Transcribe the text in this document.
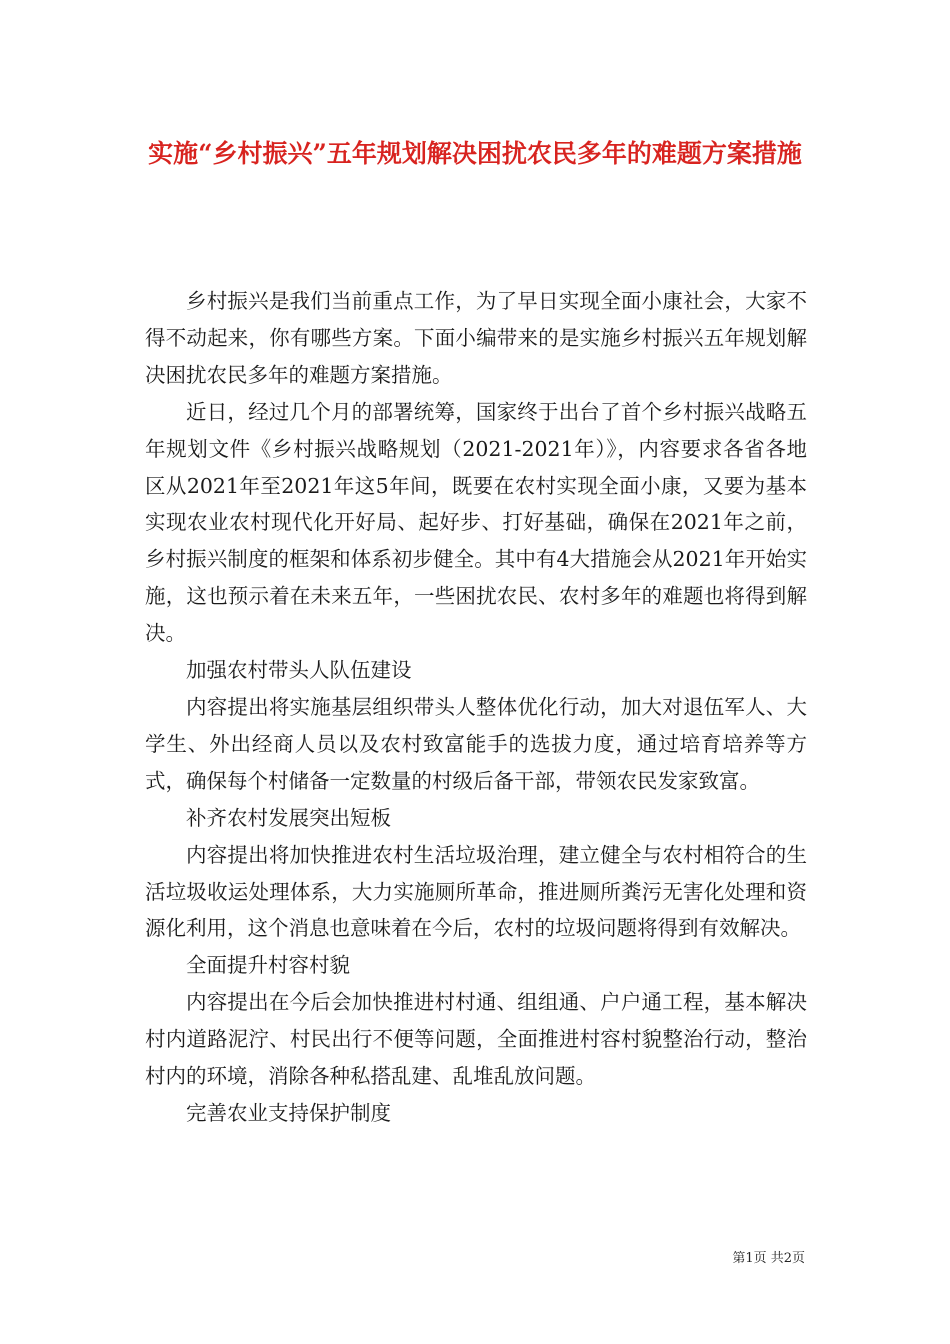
实施“乡村振兴”五年规划解决困扰农民多年的难题方案措施

乡村振兴是我们当前重点工作，为了早日实现全面小康社会，大家不得不动起来，你有哪些方案。下面小编带来的是实施乡村振兴五年规划解决困扰农民多年的难题方案措施。

近日，经过几个月的部署统筹，国家终于出台了首个乡村振兴战略五年规划文件《乡村振兴战略规划（2021-2021年）》，内容要求各省各地区从2021年至2021年这5年间，既要在农村实现全面小康，又要为基本实现农业农村现代化开好局、起好步、打好基础，确保在2021年之前，乡村振兴制度的框架和体系初步健全。其中有4大措施会从2021年开始实施，这也预示着在未来五年，一些困扰农民、农村多年的难题也将得到解决。

加强农村带头人队伍建设

内容提出将实施基层组织带头人整体优化行动，加大对退伍军人、大学生、外出经商人员以及农村致富能手的选拔力度，通过培育培养等方式，确保每个村储备一定数量的村级后备干部，带领农民发家致富。

补齐农村发展突出短板

内容提出将加快推进农村生活垃圾治理，建立健全与农村相符合的生活垃圾收运处理体系，大力实施厕所革命，推进厕所粪污无害化处理和资源化利用，这个消息也意味着在今后，农村的垃圾问题将得到有效解决。

全面提升村容村貌

内容提出在今后会加快推进村村通、组组通、户户通工程，基本解决村内道路泥泞、村民出行不便等问题，全面推进村容村貌整治行动，整治村内的环境，消除各种私搭乱建、乱堆乱放问题。

完善农业支持保护制度

第1页 共2页
